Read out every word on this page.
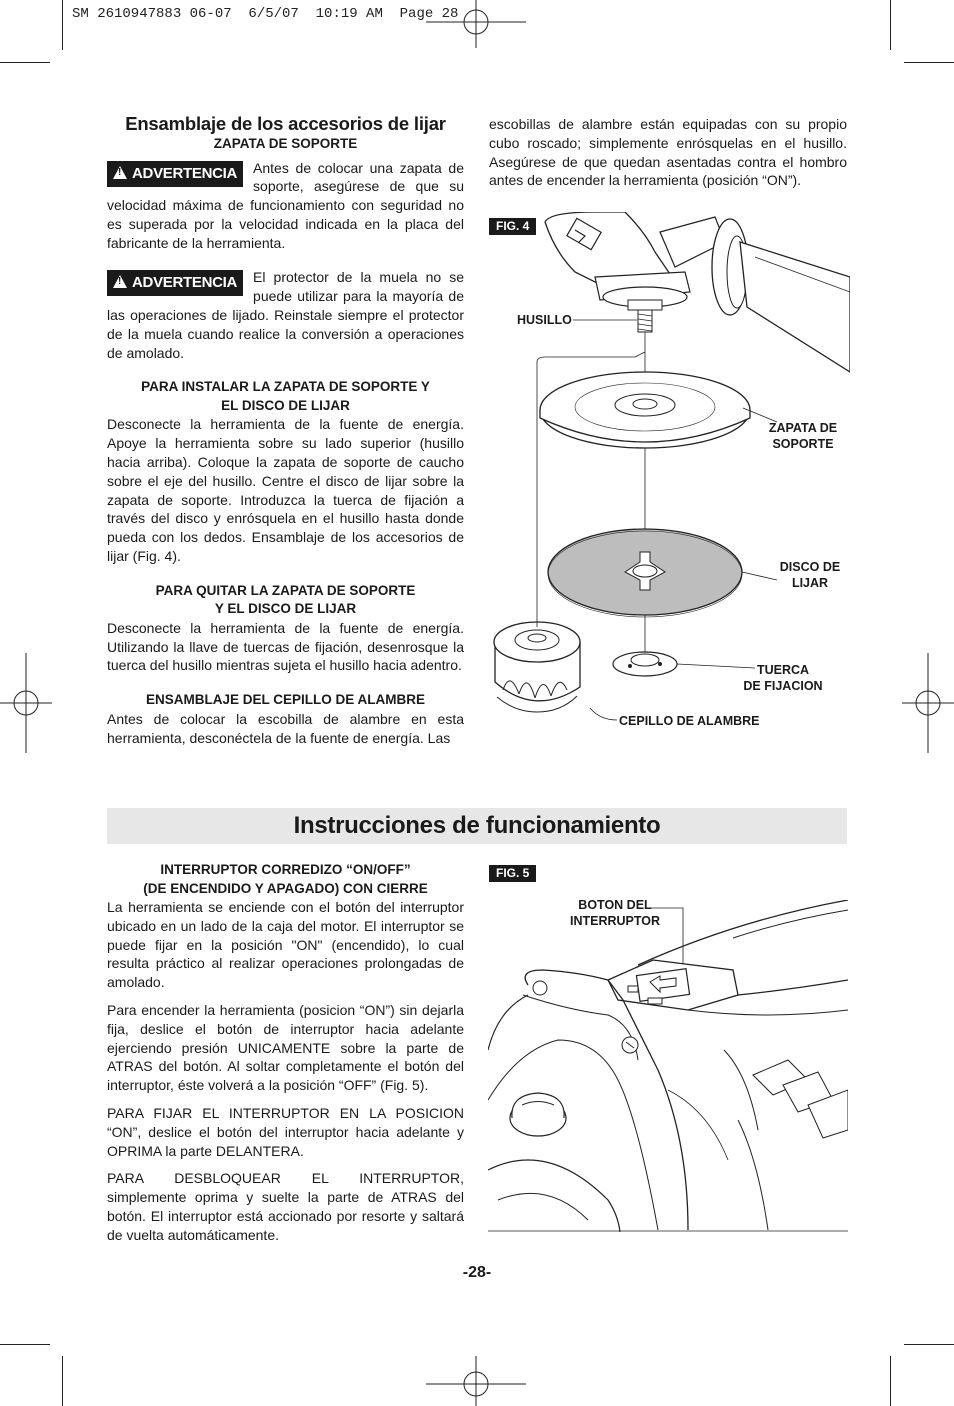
SM 2610947883 06-07  6/5/07  10:19 AM  Page 28
Ensamblaje de los accesorios de lijar

ZAPATA DE SOPORTE

!ADVERTENCIA	Antes de colocar una zapata de soporte, asegúrese de que su velocidad máxima de funcionamiento con seguridad no es superada por la velocidad indicada en la placa del fabricante de la herramienta.

!ADVERTENCIA	El protector de la muela no se puede utilizar para la mayoría de las operaciones de lijado. Reinstale siempre el protector de la muela cuando realice la conversión a operaciones de amolado.

PARA INSTALAR LA ZAPATA DE SOPORTE Y

EL DISCO DE LIJAR

Desconecte la herramienta de la fuente de energía. Apoye la herramienta sobre su lado superior (husillo hacia arriba). Coloque la zapata de soporte de caucho sobre el eje del husillo. Centre el disco de lijar sobre la zapata de soporte. Introduzca la tuerca de fijación a través del disco y enrósquela en el husillo hasta donde pueda con los dedos. Ensamblaje de los accesorios de lijar (Fig. 4).

PARA QUITAR LA ZAPATA DE SOPORTE

Y EL DISCO DE LIJAR

Desconecte la herramienta de la fuente de energía. Utilizando la llave de tuercas de fijación, desenrosque la tuerca del husillo mientras sujeta el husillo hacia adentro.

ENSAMBLAJE DEL CEPILLO DE ALAMBRE

Antes de colocar la escobilla de alambre en esta herramienta, desconéctela de la fuente de energía. Las

escobillas de alambre están equipadas con su propio cubo roscado; simplemente enrósquelas en el husillo. Asegúrese de que quedan asentadas contra el hombro antes de encender la herramienta (posición “ON”).

FIG. 4
HUSILLO
ZAPATA DE
SOPORTE
DISCO DE
LIJAR
TUERCA
DE FIJACION
CEPILLO DE ALAMBRE
Instrucciones de funcionamiento

INTERRUPTOR CORREDIZO “ON/OFF”

(DE ENCENDIDO Y APAGADO) CON CIERRE

La herramienta se enciende con el botón del interruptor ubicado en un lado de la caja del motor. El interruptor se puede fijar en la posición "ON" (encendido), lo cual resulta práctico al realizar operaciones prolongadas de amolado.

Para encender la herramienta (posicion “ON”) sin dejarla fija, deslice el botón de interruptor hacia adelante ejerciendo presión UNICAMENTE sobre la parte de ATRAS del botón. Al soltar completamente el botón del interruptor, éste volverá a la posición “OFF” (Fig. 5).

PARA FIJAR EL INTERRUPTOR EN LA POSICION “ON”, deslice el botón del interruptor hacia adelante y OPRIMA la parte DELANTERA.

PARA DESBLOQUEAR EL INTERRUPTOR, simplemente oprima y suelte la parte de ATRAS del botón. El interruptor está accionado por resorte y saltará de vuelta automáticamente.

FIG. 5
BOTON DEL
INTERRUPTOR
-28-
